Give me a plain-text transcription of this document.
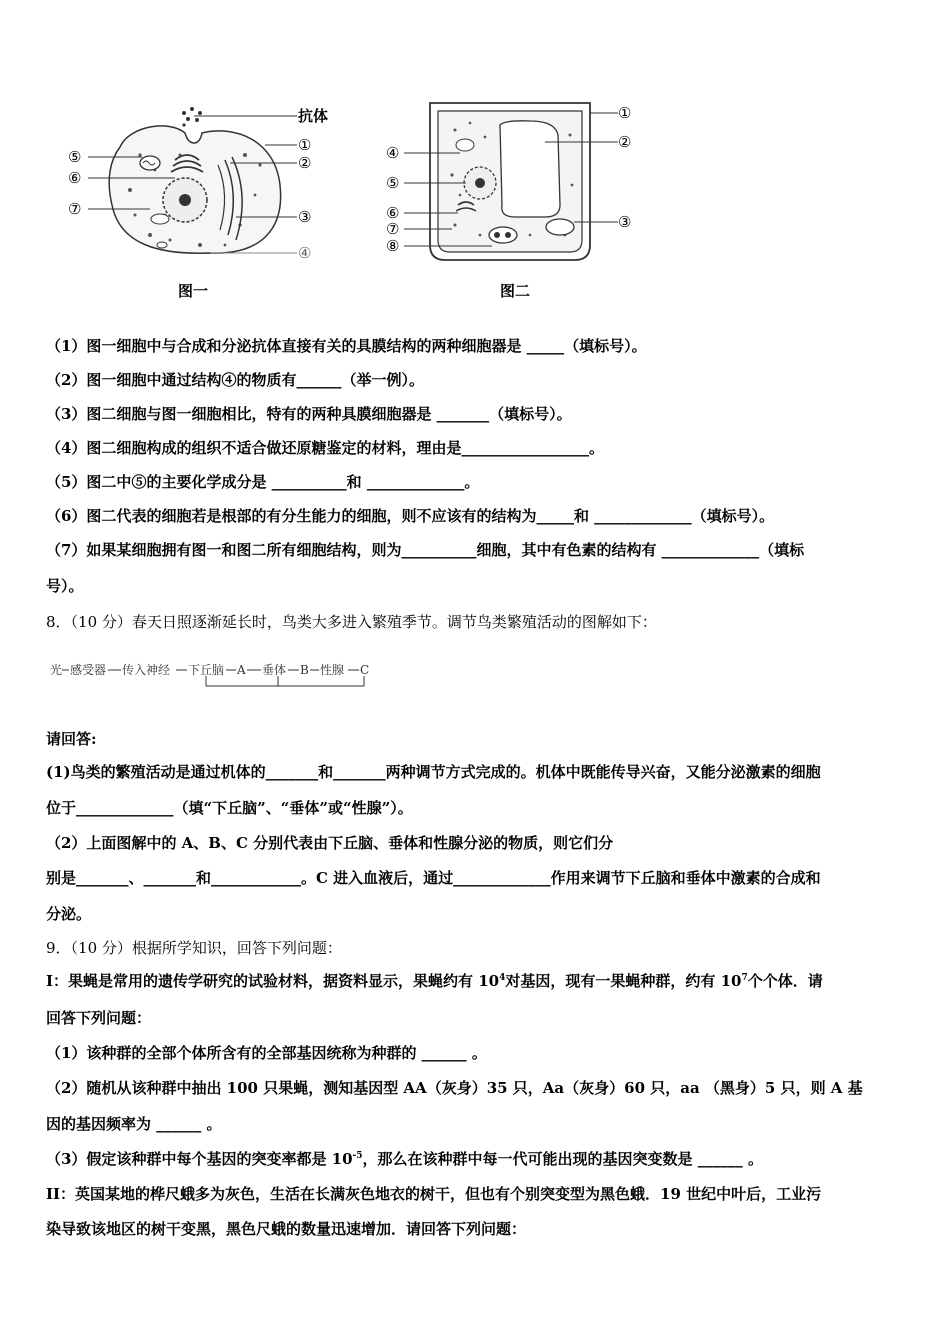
抗体
①
②
③
④
⑤
⑥
⑦
图一
①
②
③
④
⑤
⑥
⑦
⑧
图二
（1）图一细胞中与合成和分泌抗体直接有关的具膜结构的两种细胞器是 _____（填标号）。
（2）图一细胞中通过结构④的物质有______（举一例）。
（3）图二细胞与图一细胞相比，特有的两种具膜细胞器是 _______（填标号）。
（4）图二细胞构成的组织不适合做还原糖鉴定的材料，理由是_________________。
（5）图二中⑤的主要化学成分是 __________和 _____________。
（6）图二代表的细胞若是根部的有分生能力的细胞，则不应该有的结构为_____和 _____________（填标号）。
（7）如果某细胞拥有图一和图二所有细胞结构，则为__________细胞，其中有色素的结构有 _____________（填标
号）。
8．（10 分）春天日照逐渐延长时，鸟类大多进入繁殖季节。调节鸟类繁殖活动的图解如下：
光 感受器 传入神经 下丘脑 A 垂体 B 性腺 C
请回答:
(1)鸟类的繁殖活动是通过机体的_______和_______两种调节方式完成的。机体中既能传导兴奋，又能分泌激素的细胞
位于_____________（填“下丘脑”、“垂体”或“性腺”）。
（2）上面图解中的 A、B、C 分别代表由下丘脑、垂体和性腺分泌的物质，则它们分
别是_______、_______和____________。C 进入血液后，通过_____________作用来调节下丘脑和垂体中激素的合成和
分泌。
9．（10 分）根据所学知识，回答下列问题：
I：果蝇是常用的遗传学研究的试验材料，据资料显示，果蝇约有 $10^4$对基因，现有一果蝇种群，约有 $10^7$个个体．请
回答下列问题：
（1）该种群的全部个体所含有的全部基因统称为种群的 ______ 。
（2）随机从该种群中抽出 100 只果蝇，测知基因型 AA（灰身）35 只，Aa（灰身）60 只，aa （黑身）5 只，则 A 基
因的基因频率为 ______ 。
（3）假定该种群中每个基因的突变率都是 $10^{-5}$，那么在该种群中每一代可能出现的基因突变数是 ______ 。
II：英国某地的桦尺蛾多为灰色，生活在长满灰色地衣的树干，但也有个别突变型为黑色蛾．19 世纪中叶后，工业污
染导致该地区的树干变黑，黑色尺蛾的数量迅速增加．请回答下列问题：
